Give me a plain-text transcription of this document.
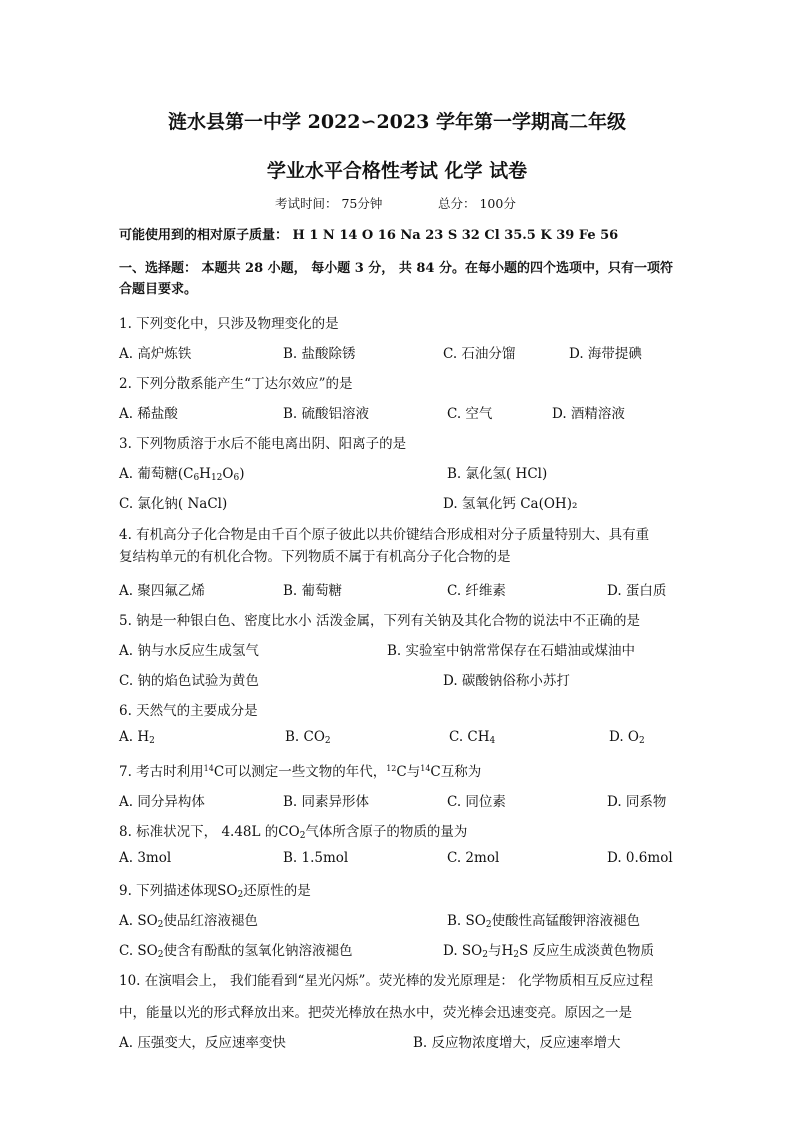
涟水县第一中学 2022∽2023 学年第一学期高二年级
学业水平合格性考试 化学 试卷
考试时间： 75分钟	总分： 100分
可能使用到的相对原子质量： H 1 N 14 O 16 Na 23 S 32 Cl 35.5 K 39 Fe 56
一、选择题： 本题共 28 小题， 每小题 3 分， 共 84 分。在每小题的四个选项中，只有一项符
合题目要求。
1. 下列变化中，只涉及物理变化的是
A. 高炉炼铁	B. 盐酸除锈	C. 石油分馏	D. 海带提碘
2. 下列分散系能产生“丁达尔效应”的是
A. 稀盐酸	B. 硫酸铝溶液	C. 空气	D. 酒精溶液
3. 下列物质溶于水后不能电离出阴、阳离子的是
A. 葡萄糖$(C_6H_{12}O_6)$	B. 氯化氢( HCl)
C. 氯化钠( NaCl)	D. 氢氧化钙 Ca(OH)₂
4. 有机高分子化合物是由千百个原子彼此以共价键结合形成相对分子质量特别大、具有重
复结构单元的有机化合物。下列物质不属于有机高分子化合物的是
A. 聚四氟乙烯	B. 葡萄糖	C. 纤维素	D. 蛋白质
5. 钠是一种银白色、密度比水小 活泼金属，下列有关钠及其化合物的说法中不正确的是
A. 钠与水反应生成氢气	B. 实验室中钠常常保存在石蜡油或煤油中
C. 钠的焰色试验为黄色	D. 碳酸钠俗称小苏打
6. 天然气的主要成分是
A. $H_2$	B. $CO_2$	C. $CH_4$	D. $O_2$
7. 考古时利用$^{14}$C可以测定一些文物的年代，$^{12}$C与$^{14}$C互称为
A. 同分异构体	B. 同素异形体	C. 同位素	D. 同系物
8. 标准状况下， 4.48L 的$CO_2$气体所含原子的物质的量为
A. 3mol	B. 1.5mol	C. 2mol	D. 0.6mol
9. 下列描述体现$SO_2$还原性的是
A. $SO_2$使品红溶液褪色	B. $SO_2$使酸性高锰酸钾溶液褪色
C. $SO_2$使含有酚酞的氢氧化钠溶液褪色	D. $SO_2$与$H_2S$ 反应生成淡黄色物质
10. 在演唱会上， 我们能看到“星光闪烁”。荧光棒的发光原理是： 化学物质相互反应过程
中，能量以光的形式释放出来。把荧光棒放在热水中，荧光棒会迅速变亮。原因之一是
A. 压强变大，反应速率变快	B. 反应物浓度增大，反应速率增大
